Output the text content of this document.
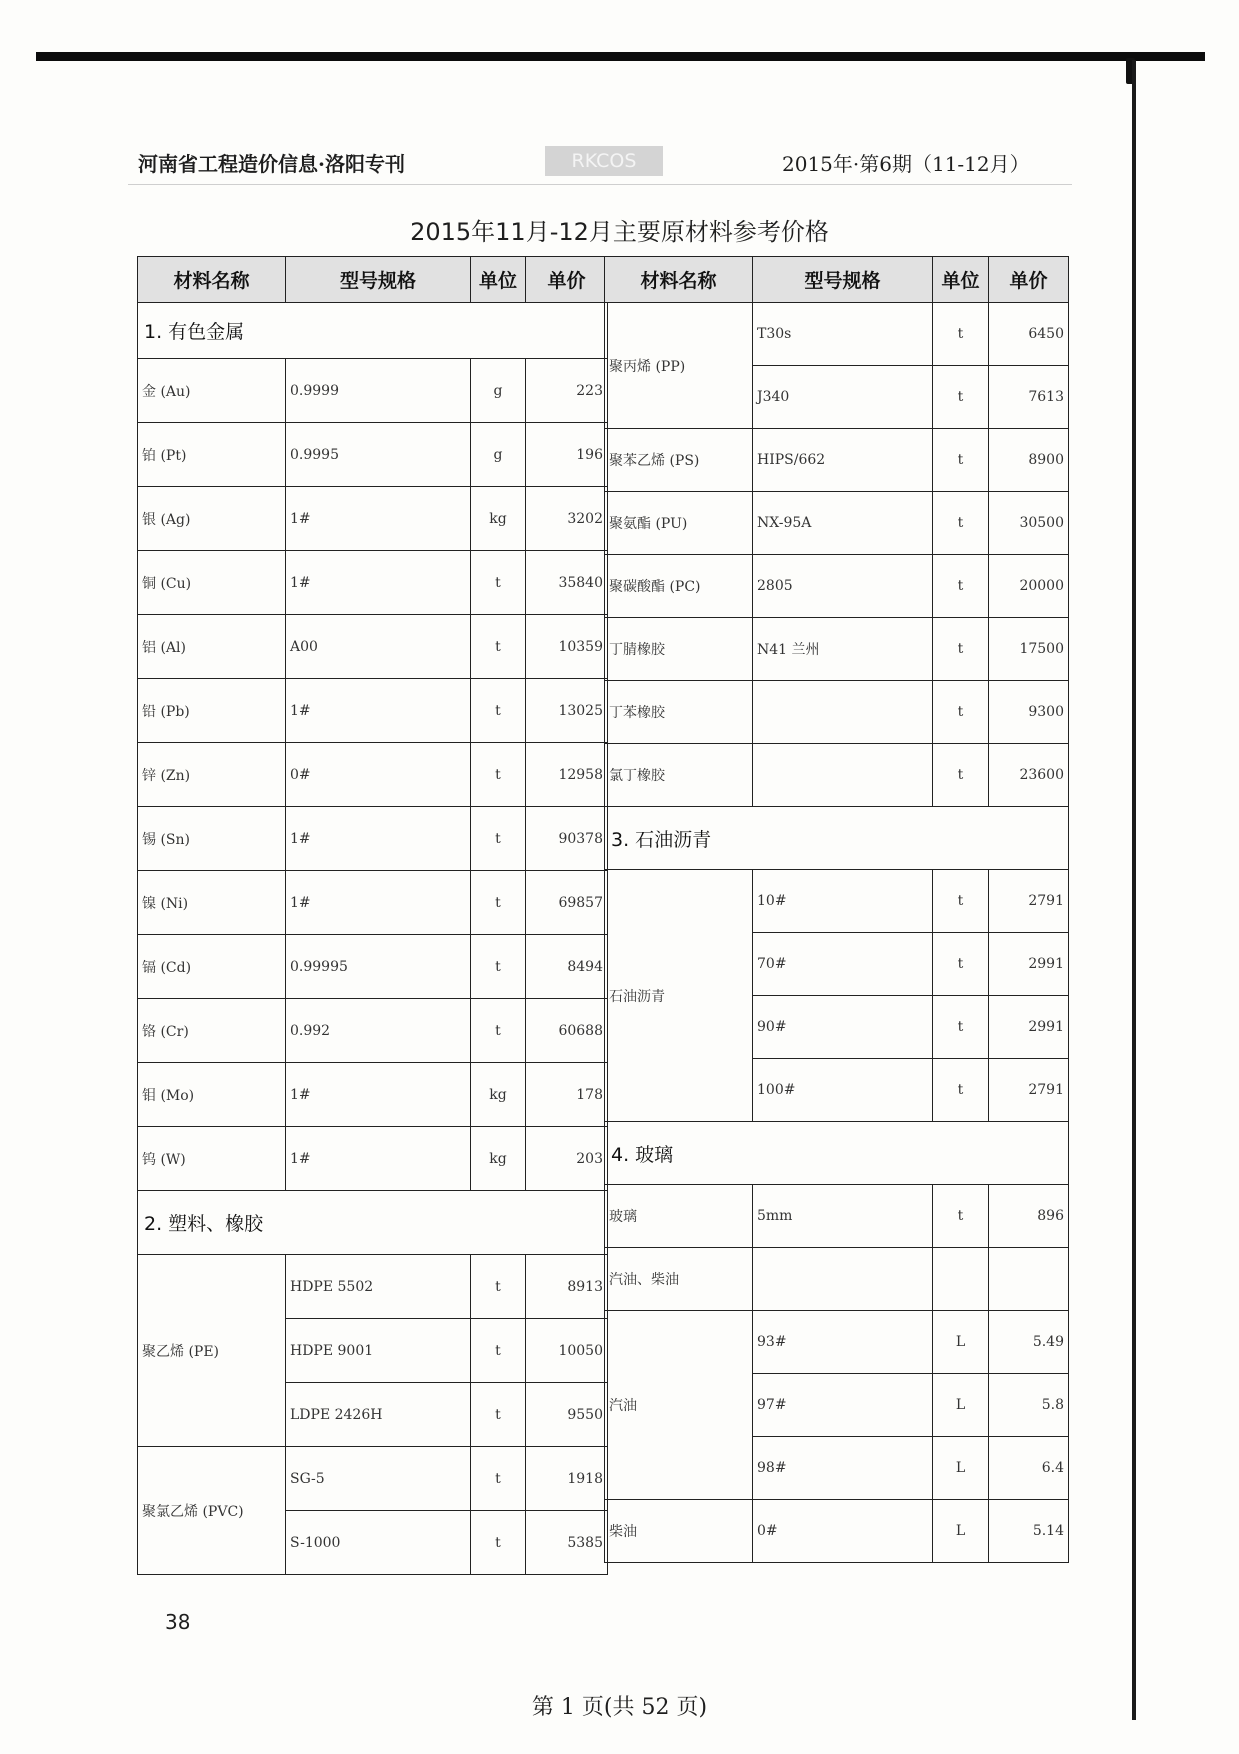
河南省工程造价信息·洛阳专刊	RKCOS	2015年·第6期（11-12月）
2015年11月-12月主要原材料参考价格
材料名称	型号规格	单位	单价
1. 有色金属			
金 (Au)	0.9999	g	223
铂 (Pt)	0.9995	g	196
银 (Ag)	1#	kg	3202
铜 (Cu)	1#	t	35840
铝 (Al)	A00	t	10359
铅 (Pb)	1#	t	13025
锌 (Zn)	0#	t	12958
锡 (Sn)	1#	t	90378
镍 (Ni)	1#	t	69857
镉 (Cd)	0.99995	t	8494
铬 (Cr)	0.992	t	60688
钼 (Mo)	1#	kg	178
钨 (W)	1#	kg	203
2. 塑料、橡胶			
聚乙烯 (PE)	HDPE 5502	t	8913
	HDPE 9001	t	10050
	LDPE 2426H	t	9550
聚氯乙烯 (PVC)	SG-5	t	1918
	S-1000	t	5385
材料名称	型号规格	单位	单价
聚丙烯 (PP)	T30s	t	6450
	J340	t	7613
聚苯乙烯 (PS)	HIPS/662	t	8900
聚氨酯 (PU)	NX-95A	t	30500
聚碳酸酯 (PC)	2805	t	20000
丁腈橡胶	N41 兰州	t	17500
丁苯橡胶		t	9300
氯丁橡胶		t	23600
3. 石油沥青			
石油沥青	10#	t	2791
	70#	t	2991
	90#	t	2991
	100#	t	2791
4. 玻璃			
玻璃	5mm	t	896
汽油、柴油			
汽油	93#	L	5.49
	97#	L	5.8
	98#	L	6.4
柴油	0#	L	5.14
38
第 1 页(共 52 页)
